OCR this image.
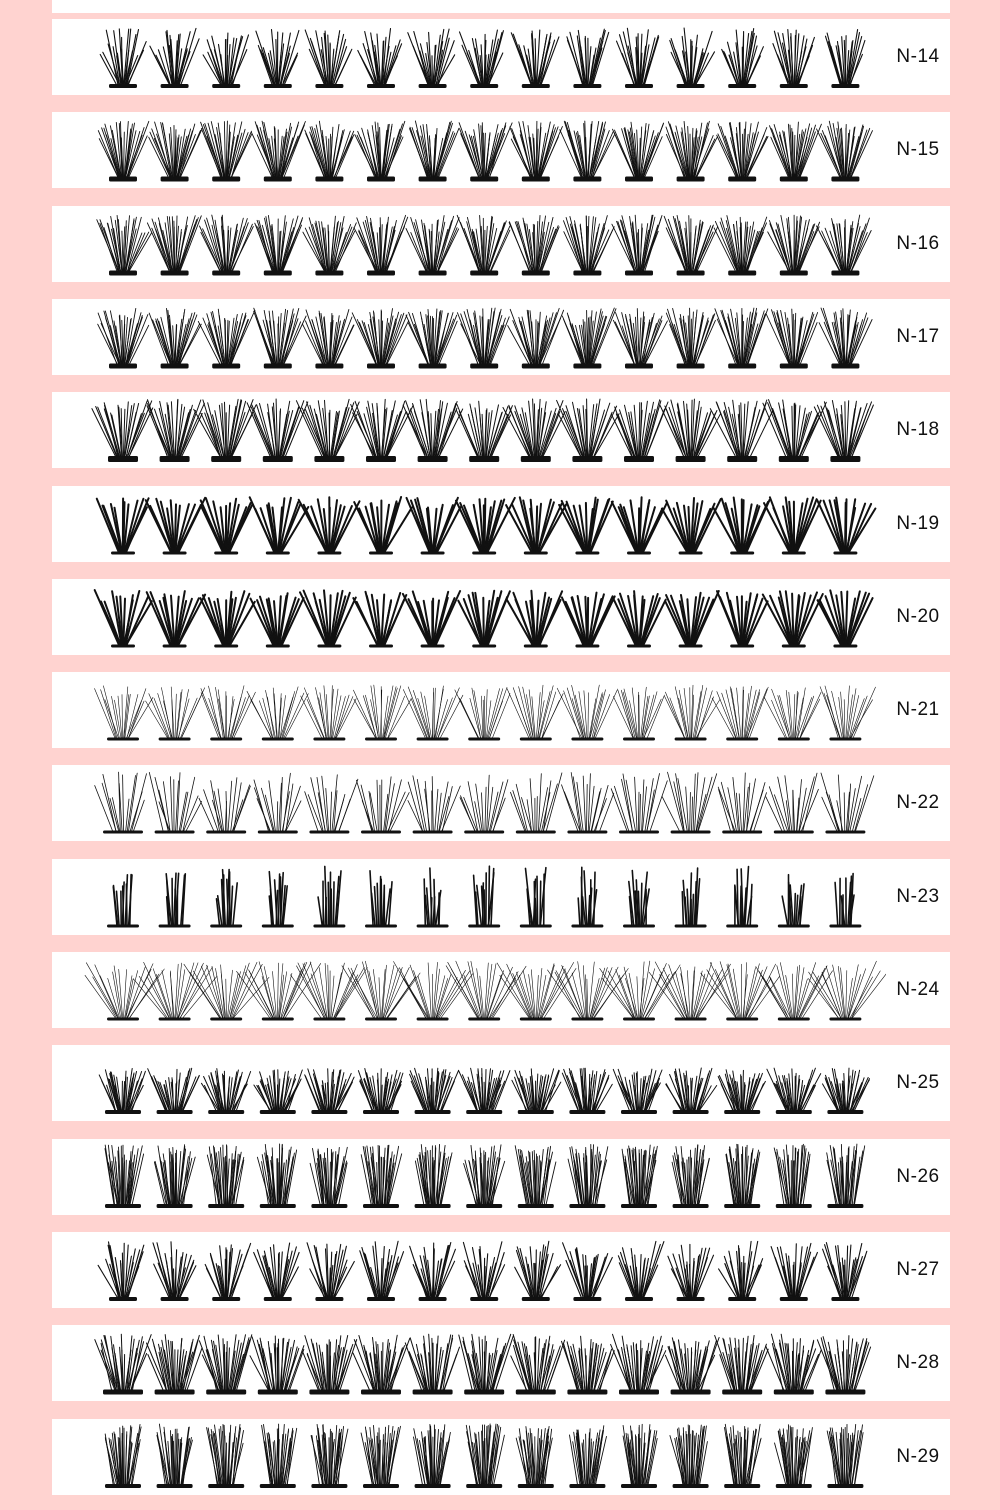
N-14
N-15
N-16
N-17
N-18
N-19
N-20
N-21
N-22
N-23
N-24
N-25
N-26
N-27
N-28
N-29
